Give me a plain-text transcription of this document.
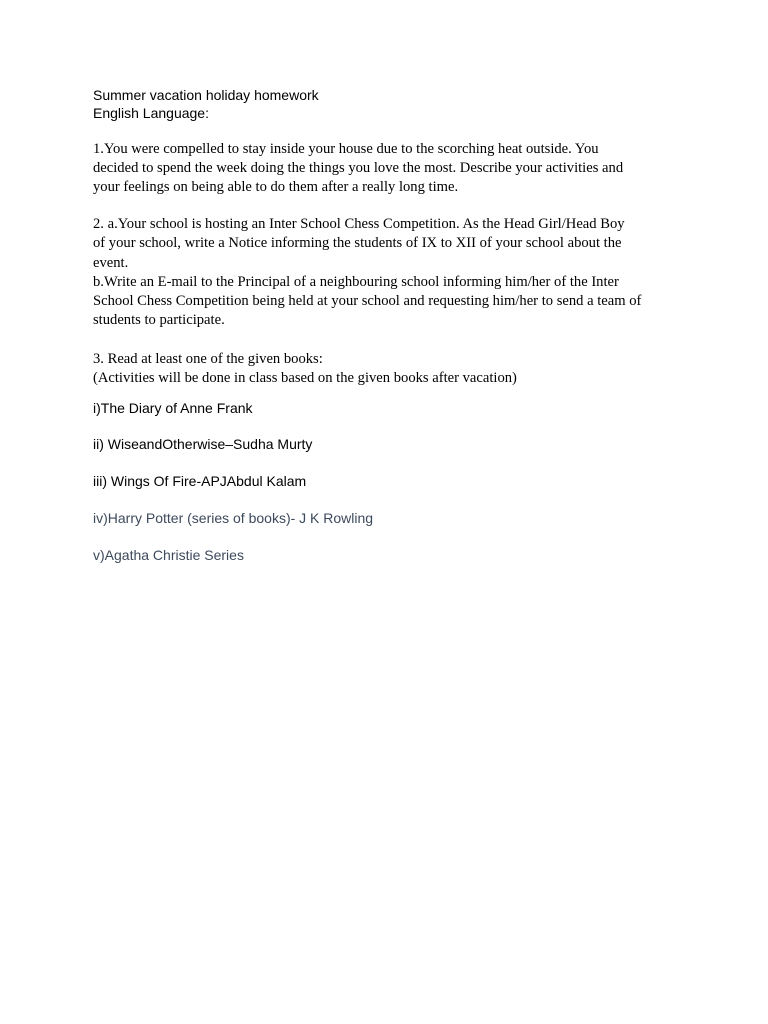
Summer vacation holiday homework
English Language:
1.You were compelled to stay inside your house due to the scorching heat outside. You
decided to spend the week doing the things you love the most. Describe your activities and
your feelings on being able to do them after a really long time.
2. a.Your school is hosting an Inter School Chess Competition. As the Head Girl/Head Boy
of your school, write a Notice informing the students of IX to XII of your school about the
event.
b.Write an E-mail to the Principal of a neighbouring school informing him/her of the Inter
School Chess Competition being held at your school and requesting him/her to send a team of
students to participate.
3. Read at least one of the given books:
(Activities will be done in class based on the given books after vacation)
i)The Diary of Anne Frank
ii) WiseandOtherwise–Sudha Murty
iii) Wings Of Fire-APJAbdul Kalam
iv)Harry Potter (series of books)- J K Rowling
v)Agatha Christie Series
